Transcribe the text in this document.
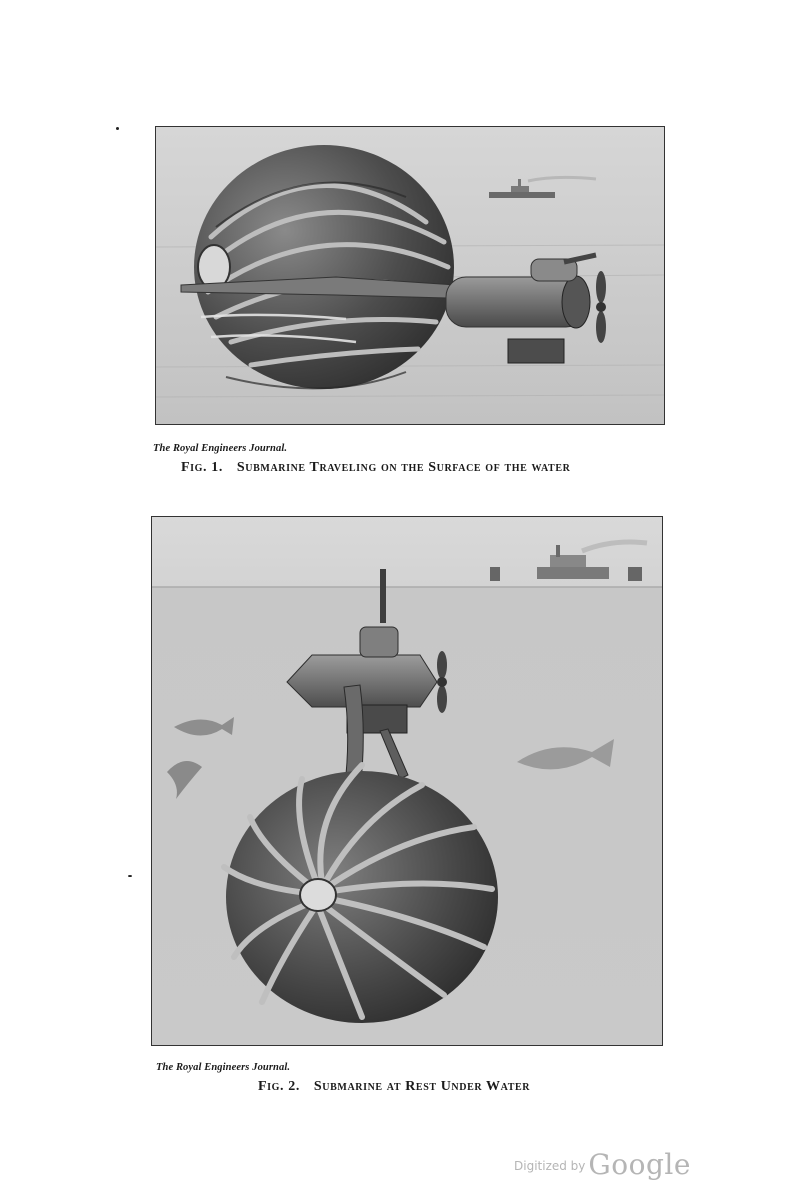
The Royal Engineers Journal.
Fig. 1. Submarine Traveling on the Surface of the water
The Royal Engineers Journal.
Fig. 2. Submarine at Rest Under Water
$^{Digitized by}$ Google
